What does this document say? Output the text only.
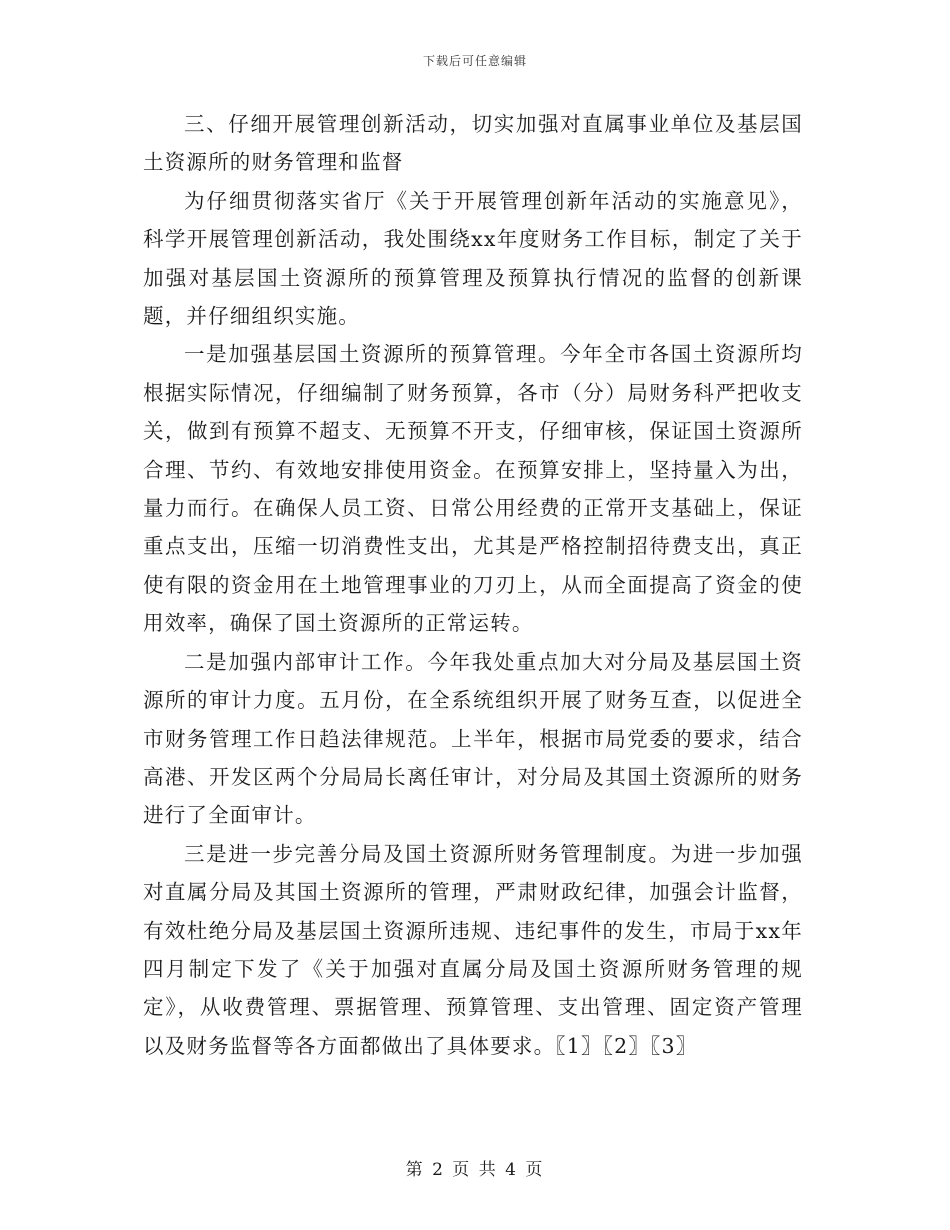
下载后可任意编辑

三、仔细开展管理创新活动，切实加强对直属事业单位及基层国土资源所的财务管理和监督

为仔细贯彻落实省厅《关于开展管理创新年活动的实施意见》，科学开展管理创新活动，我处围绕xx年度财务工作目标，制定了关于加强对基层国土资源所的预算管理及预算执行情况的监督的创新课题，并仔细组织实施。

一是加强基层国土资源所的预算管理。今年全市各国土资源所均根据实际情况，仔细编制了财务预算，各市（分）局财务科严把收支关，做到有预算不超支、无预算不开支，仔细审核，保证国土资源所合理、节约、有效地安排使用资金。在预算安排上，坚持量入为出，量力而行。在确保人员工资、日常公用经费的正常开支基础上，保证重点支出，压缩一切消费性支出，尤其是严格控制招待费支出，真正使有限的资金用在土地管理事业的刀刃上，从而全面提高了资金的使用效率，确保了国土资源所的正常运转。

二是加强内部审计工作。今年我处重点加大对分局及基层国土资源所的审计力度。五月份，在全系统组织开展了财务互查，以促进全市财务管理工作日趋法律规范。上半年，根据市局党委的要求，结合高港、开发区两个分局局长离任审计，对分局及其国土资源所的财务进行了全面审计。

三是进一步完善分局及国土资源所财务管理制度。为进一步加强对直属分局及其国土资源所的管理，严肃财政纪律，加强会计监督，有效杜绝分局及基层国土资源所违规、违纪事件的发生，市局于xx年四月制定下发了《关于加强对直属分局及国土资源所财务管理的规定》，从收费管理、票据管理、预算管理、支出管理、固定资产管理以及财务监督等各方面都做出了具体要求。〖1〗〖2〗〖3〗

第 2 页 共 4 页
